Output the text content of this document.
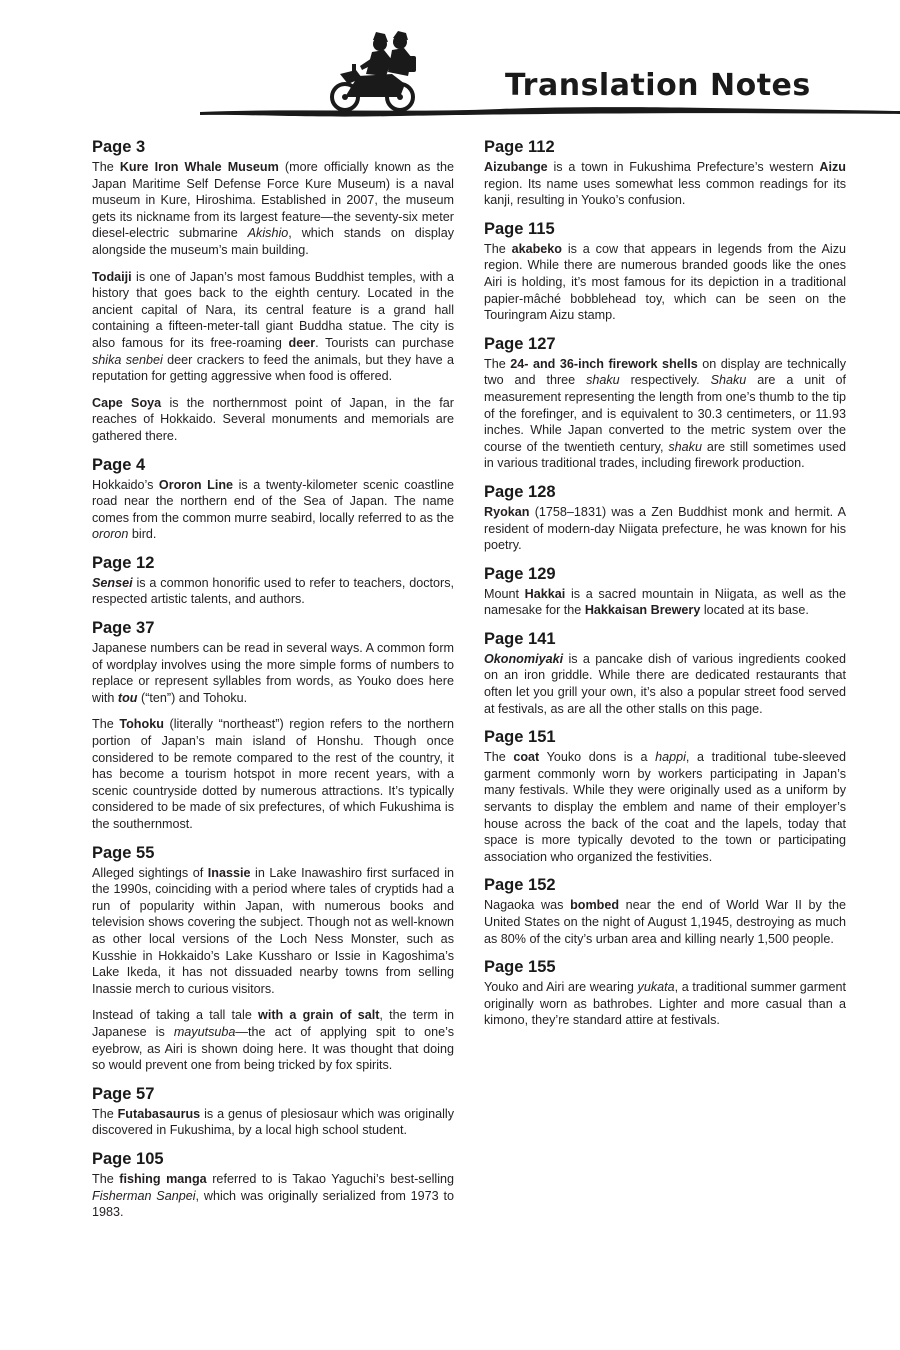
Translation Notes
Page 3

The Kure Iron Whale Museum (more officially known as the Japan Maritime Self Defense Force Kure Museum) is a naval museum in Kure, Hiroshima. Established in 2007, the museum gets its nickname from its largest feature—the seventy-six meter diesel-electric submarine Akishio, which stands on display alongside the museum’s main building.

Todaiji is one of Japan’s most famous Buddhist temples, with a history that goes back to the eighth century. Located in the ancient capital of Nara, its central feature is a grand hall containing a fifteen-meter-tall giant Buddha statue. The city is also famous for its free-roaming deer. Tourists can purchase shika senbei deer crackers to feed the animals, but they have a reputation for getting aggressive when food is offered.

Cape Soya is the northernmost point of Japan, in the far reaches of Hokkaido. Several monuments and memorials are gathered there.

Page 4

Hokkaido’s Ororon Line is a twenty-kilometer scenic coastline road near the northern end of the Sea of Japan. The name comes from the common murre seabird, locally referred to as the ororon bird.

Page 12

Sensei is a common honorific used to refer to teachers, doctors, respected artistic talents, and authors.

Page 37

Japanese numbers can be read in several ways. A common form of wordplay involves using the more simple forms of numbers to replace or represent syllables from words, as Youko does here with tou (“ten”) and Tohoku.

The Tohoku (literally “northeast”) region refers to the northern portion of Japan’s main island of Honshu. Though once considered to be remote compared to the rest of the country, it has become a tourism hotspot in more recent years, with a scenic countryside dotted by numerous attractions. It’s typically considered to be made of six prefectures, of which Fukushima is the southernmost.

Page 55

Alleged sightings of Inassie in Lake Inawashiro first surfaced in the 1990s, coinciding with a period where tales of cryptids had a run of popularity within Japan, with numerous books and television shows covering the subject. Though not as well-known as other local versions of the Loch Ness Monster, such as Kusshie in Hokkaido’s Lake Kussharo or Issie in Kagoshima’s Lake Ikeda, it has not dissuaded nearby towns from selling Inassie merch to curious visitors.

Instead of taking a tall tale with a grain of salt, the term in Japanese is mayutsuba—the act of applying spit to one’s eyebrow, as Airi is shown doing here. It was thought that doing so would prevent one from being tricked by fox spirits.

Page 57

The Futabasaurus is a genus of plesiosaur which was originally discovered in Fukushima, by a local high school student.

Page 105

The fishing manga referred to is Takao Yaguchi’s best-selling Fisherman Sanpei, which was originally serialized from 1973 to 1983.

Page 112

Aizubange is a town in Fukushima Prefecture’s western Aizu region. Its name uses somewhat less common readings for its kanji, resulting in Youko’s confusion.

Page 115

The akabeko is a cow that appears in legends from the Aizu region. While there are numerous branded goods like the ones Airi is holding, it’s most famous for its depiction in a traditional papier-mâché bobblehead toy, which can be seen on the Touringram Aizu stamp.

Page 127

The 24- and 36-inch firework shells on display are technically two and three shaku respectively. Shaku are a unit of measurement representing the length from one’s thumb to the tip of the forefinger, and is equivalent to 30.3 centimeters, or 11.93 inches. While Japan converted to the metric system over the course of the twentieth century, shaku are still sometimes used in various traditional trades, including firework production.

Page 128

Ryokan (1758–1831) was a Zen Buddhist monk and hermit. A resident of modern-day Niigata prefecture, he was known for his poetry.

Page 129

Mount Hakkai is a sacred mountain in Niigata, as well as the namesake for the Hakkaisan Brewery located at its base.

Page 141

Okonomiyaki is a pancake dish of various ingredients cooked on an iron griddle. While there are dedicated restaurants that often let you grill your own, it’s also a popular street food served at festivals, as are all the other stalls on this page.

Page 151

The coat Youko dons is a happi, a traditional tube-sleeved garment commonly worn by workers participating in Japan’s many festivals. While they were originally used as a uniform by servants to display the emblem and name of their employer’s house across the back of the coat and the lapels, today that space is more typically devoted to the town or participating association who organized the festivities.

Page 152

Nagaoka was bombed near the end of World War II by the United States on the night of August 1,1945, destroying as much as 80% of the city’s urban area and killing nearly 1,500 people.

Page 155

Youko and Airi are wearing yukata, a traditional summer garment originally worn as bathrobes. Lighter and more casual than a kimono, they’re standard attire at festivals.
